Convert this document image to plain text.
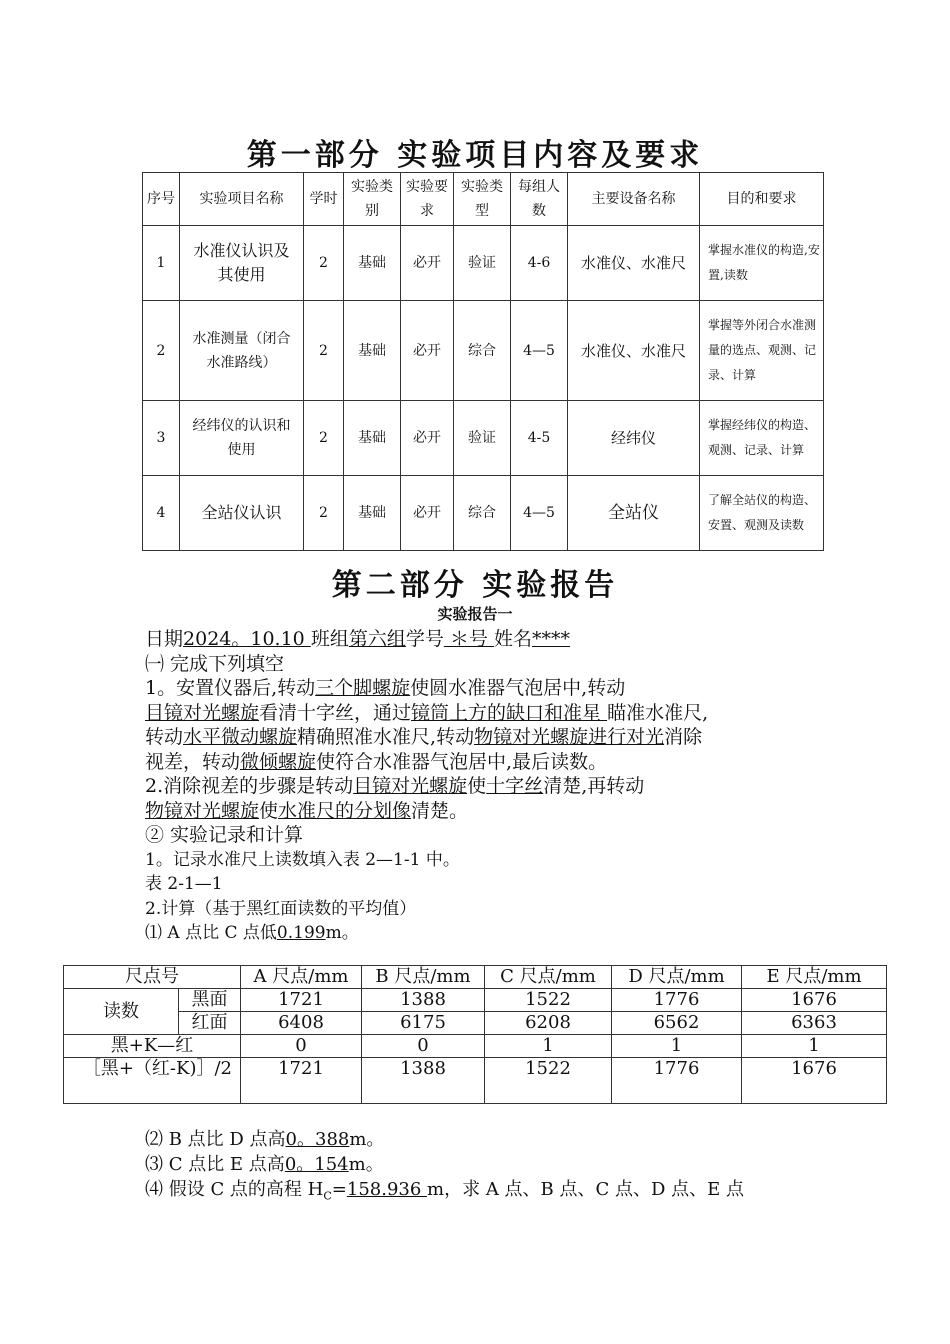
第一部分 实验项目内容及要求
序号	实验项目名称	学时	实验类别	实验要求	实验类型	每组人数	主要设备名称	目的和要求
1	水准仪认识及其使用	2	基础	必开	验证	4-6	水准仪、水准尺	掌握水准仪的构造,安置,读数
2	水准测量（闭合水准路线）	2	基础	必开	综合	4—5	水准仪、水准尺	掌握等外闭合水准测量的选点、观测、记录、计算
3	经纬仪的认识和使用	2	基础	必开	验证	4-5	经纬仪	掌握经纬仪的构造、观测、记录、计算
4	全站仪认识	2	基础	必开	综合	4—5	全站仪	了解全站仪的构造、安置、观测及读数
第二部分 实验报告
实验报告一
日期2024。10.10 班组第六组学号 ＊号 姓名****
㈠ 完成下列填空
1。安置仪器后,转动三个脚螺旋使圆水准器气泡居中,转动
目镜对光螺旋看清十字丝，通过镜筒上方的缺口和准星 瞄准水准尺,
转动水平微动螺旋精确照准水准尺,转动物镜对光螺旋进行对光消除
视差，转动微倾螺旋使符合水准器气泡居中,最后读数。
2.消除视差的步骤是转动目镜对光螺旋使十字丝清楚,再转动
物镜对光螺旋使水准尺的分划像清楚。
② 实验记录和计算
1。记录水准尺上读数填入表 2—1-1 中。
表 2-1—1
2.计算（基于黑红面读数的平均值）
⑴ A 点比 C 点低0.199m。
尺点号		A 尺点/mm	B 尺点/mm	C 尺点/mm	D 尺点/mm	E 尺点/mm
读数	黑面	1721	1388	1522	1776	1676
	红面	6408	6175	6208	6562	6363
黑+K—红		0	0	1	1	1
［黑+（红-K)］/2		1721	1388	1522	1776	1676
⑵ B 点比 D 点高0。388m。
⑶ C 点比 E 点高0。154m。
⑷ 假设 C 点的高程 $H_C=158.936$ m，求 A 点、B 点、C 点、D 点、E 点
